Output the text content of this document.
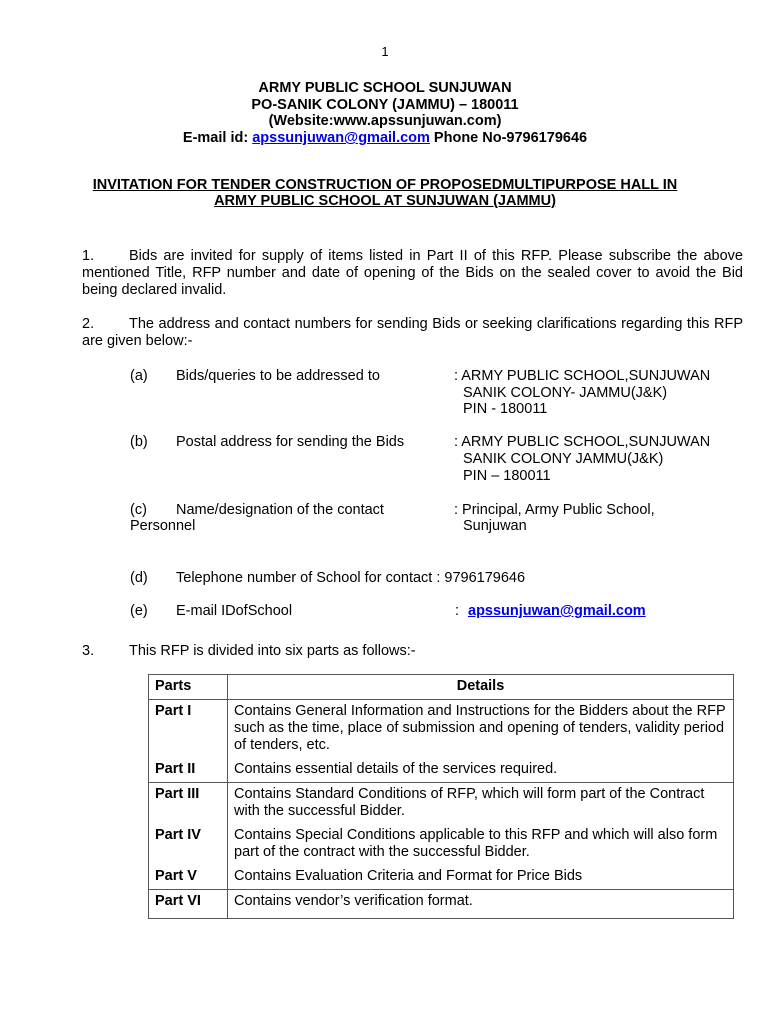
1
ARMY PUBLIC SCHOOL SUNJUWAN
PO-SANIK COLONY (JAMMU) – 180011
(Website:www.apssunjuwan.com)
E-mail id: apssunjuwan@gmail.com Phone No-9796179646
INVITATION FOR TENDER CONSTRUCTION OF PROPOSEDMULTIPURPOSE HALL IN
ARMY PUBLIC SCHOOL AT SUNJUWAN (JAMMU)
1.	Bids are invited for supply of items listed in Part II of this RFP. Please subscribe the above mentioned Title, RFP number and date of opening of the Bids on the sealed cover to avoid the Bid being declared invalid.
2.	The address and contact numbers for sending Bids or seeking clarifications regarding this RFP are given below:-
(a) Bids/queries to be addressed to	: ARMY PUBLIC SCHOOL,SUNJUWAN
SANIK COLONY- JAMMU(J&K)
PIN - 180011
(b) Postal address for sending the Bids	: ARMY PUBLIC SCHOOL,SUNJUWAN
SANIK COLONY JAMMU(J&K)
PIN – 180011
(c) Name/designation of the contact
Personnel
: Principal, Army Public School,
Sunjuwan
(d) Telephone number of School for contact : 9796179646
(e) E-mail IDofSchool	: apssunjuwan@gmail.com
3. This RFP is divided into six parts as follows:-
Parts	Details
Part I	Contains General Information and Instructions for the Bidders about the RFP such as the time, place of submission and opening of tenders, validity period of tenders, etc.
Part II	Contains essential details of the services required.
Part III	Contains Standard Conditions of RFP, which will form part of the Contract with the successful Bidder.
Part IV	Contains Special Conditions applicable to this RFP and which will also form part of the contract with the successful Bidder.
Part V	Contains Evaluation Criteria and Format for Price Bids
Part VI	Contains vendor’s verification format.
